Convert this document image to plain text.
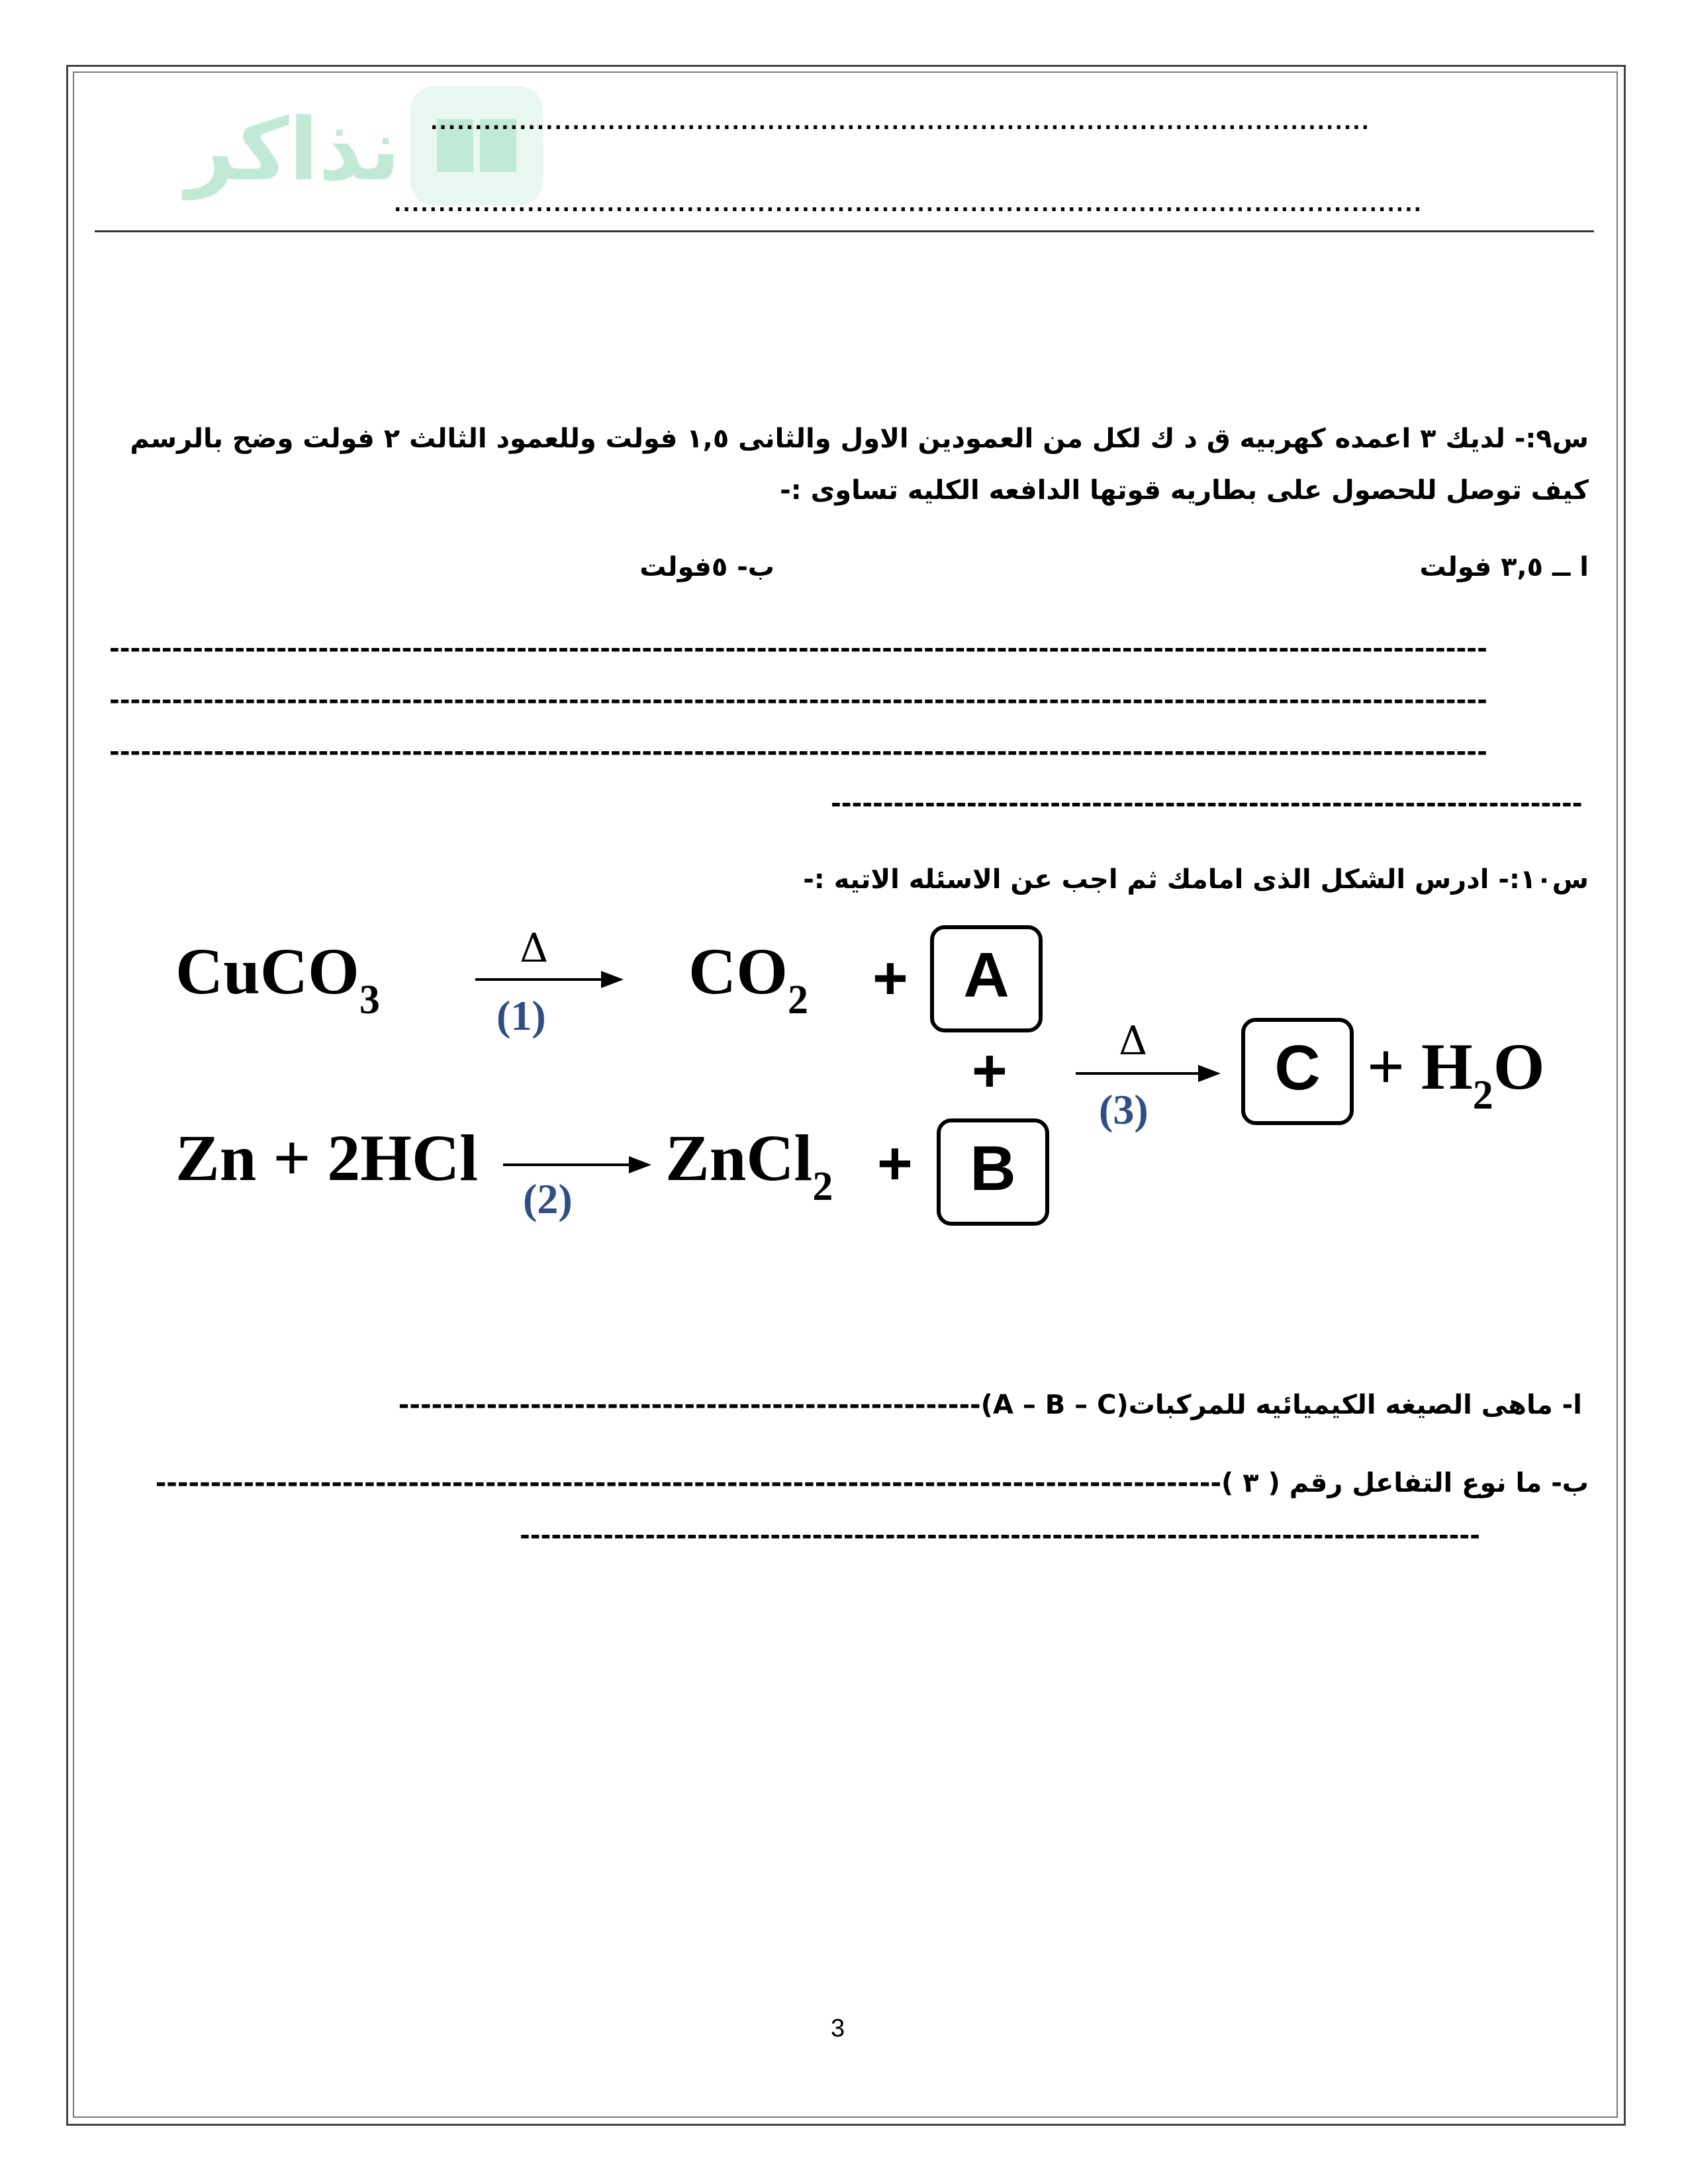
نذاكر ..........................................................................................................
....................................................................................................................
س٩:- لديك ٣ اعمده كهربيه ق د ك لكل من العمودين الاول والثانى ١,٥ فولت وللعمود الثالث ٢ فولت وضح بالرسم
كيف توصل للحصول على بطاريه قوتها الدافعه الكليه تساوى :-
ا ــ ٣,٥ فولت
ب- ٥فولت
------------------------------------------------------------------------------------------------------------------------------------
------------------------------------------------------------------------------------------------------------------------------------
------------------------------------------------------------------------------------------------------------------------------------
------------------------------------------------------------------------
س١٠:- ادرس الشكل الذى امامك ثم اجب عن الاسئله الاتيه :-
CuCO$_3$
Δ
(1)
$CO_2 + A$
+	Δ
(3)
$C + H_2O$
Zn + 2HCl
(2)
ZnCl$_2$ + B
ا- ماهى الصيغه الكيميائيه للمركبات(A – B – C)-----------------------------------------------------
ب- ما نوع التفاعل رقم ( ٣ )-------------------------------------------------------------------------------------------------
--------------------------------------------------------------------------------------------
3
